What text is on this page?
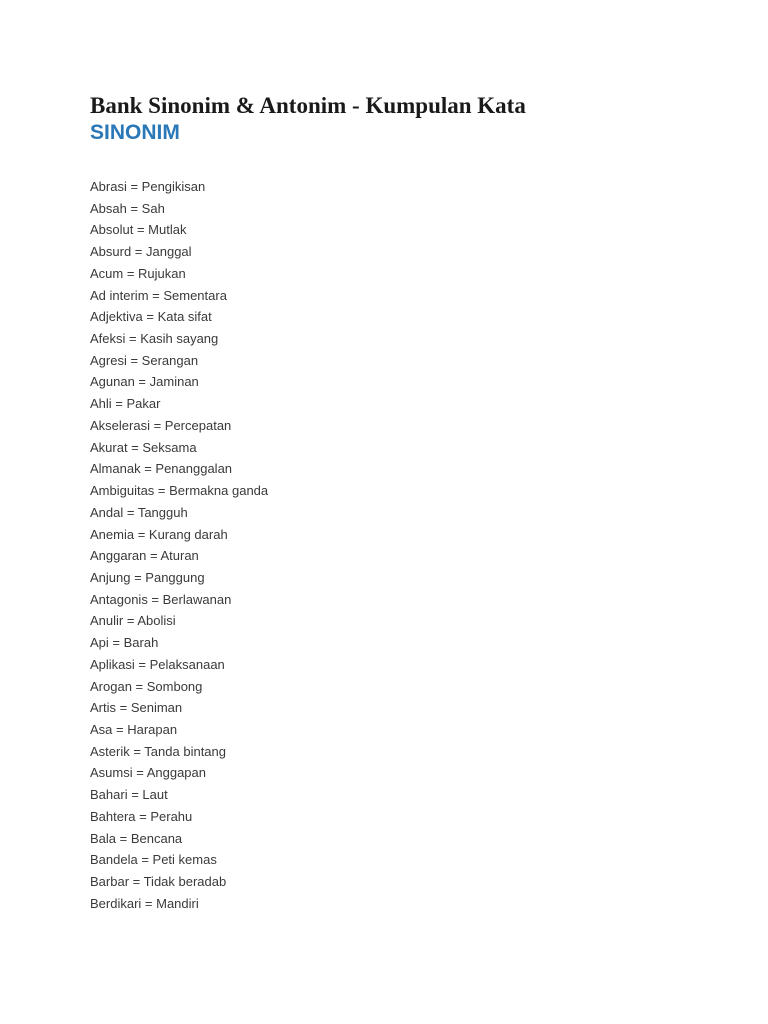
Bank Sinonim & Antonim - Kumpulan Kata
SINONIM
Abrasi = Pengikisan
Absah = Sah
Absolut = Mutlak
Absurd = Janggal
Acum = Rujukan
Ad interim = Sementara
Adjektiva = Kata sifat
Afeksi = Kasih sayang
Agresi = Serangan
Agunan = Jaminan
Ahli = Pakar
Akselerasi = Percepatan
Akurat = Seksama
Almanak = Penanggalan
Ambiguitas = Bermakna ganda
Andal = Tangguh
Anemia = Kurang darah
Anggaran = Aturan
Anjung = Panggung
Antagonis = Berlawanan
Anulir = Abolisi
Api = Barah
Aplikasi = Pelaksanaan
Arogan = Sombong
Artis = Seniman
Asa = Harapan
Asterik = Tanda bintang
Asumsi = Anggapan
Bahari = Laut
Bahtera = Perahu
Bala = Bencana
Bandela = Peti kemas
Barbar = Tidak beradab
Berdikari = Mandiri
